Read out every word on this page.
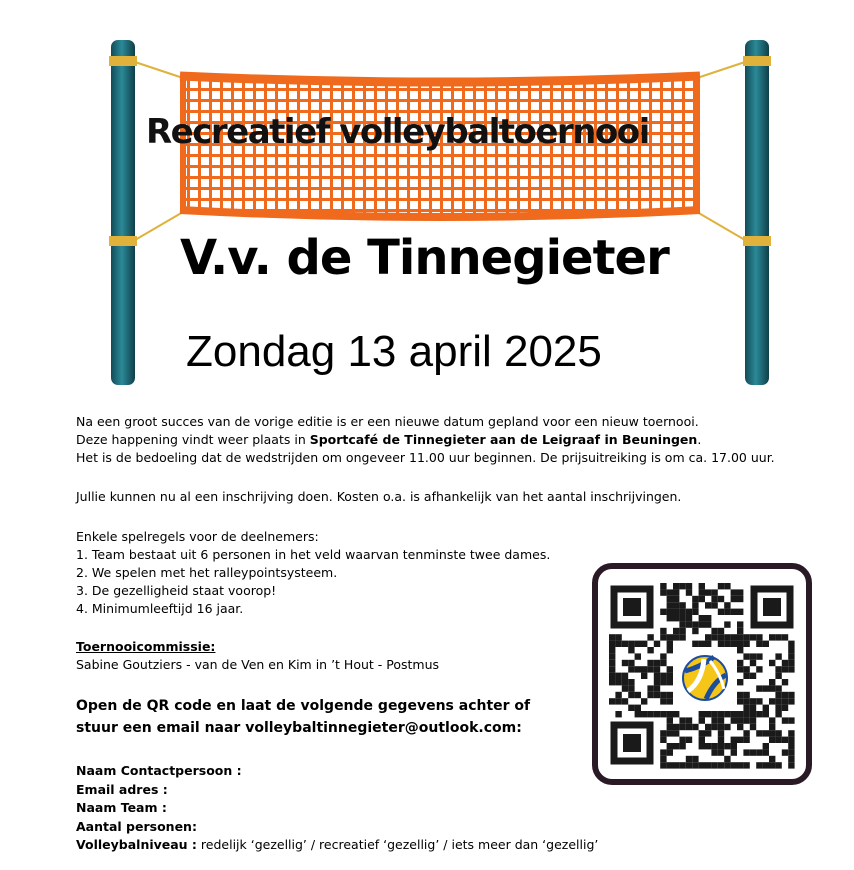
Recreatief volleybaltoernooi
V.v. de Tinnegieter
Zondag 13 april 2025
Na een groot succes van de vorige editie is er een nieuwe datum gepland voor een nieuw toernooi.
Deze happening vindt weer plaats in Sportcafé de Tinnegieter aan de Leigraaf in Beuningen.
Het is de bedoeling dat de wedstrijden om ongeveer 11.00 uur beginnen. De prijsuitreiking is om ca. 17.00 uur.
Jullie kunnen nu al een inschrijving doen. Kosten o.a. is afhankelijk van het aantal inschrijvingen.
Enkele spelregels voor de deelnemers:
1. Team bestaat uit 6 personen in het veld waarvan tenminste twee dames.
2. We spelen met het ralleypointsysteem.
3. De gezelligheid staat voorop!
4. Minimumleeftijd 16 jaar.
Toernooicommissie:
Sabine Goutziers - van de Ven en Kim in ’t Hout - Postmus
Open de QR code en laat de volgende gegevens achter of
stuur een email naar volleybaltinnegieter@outlook.com:
Naam Contactpersoon :
Email adres :
Naam Team :
Aantal personen:
Volleybalniveau : redelijk ‘gezellig’ / recreatief ‘gezellig’ / iets meer dan ‘gezellig’
